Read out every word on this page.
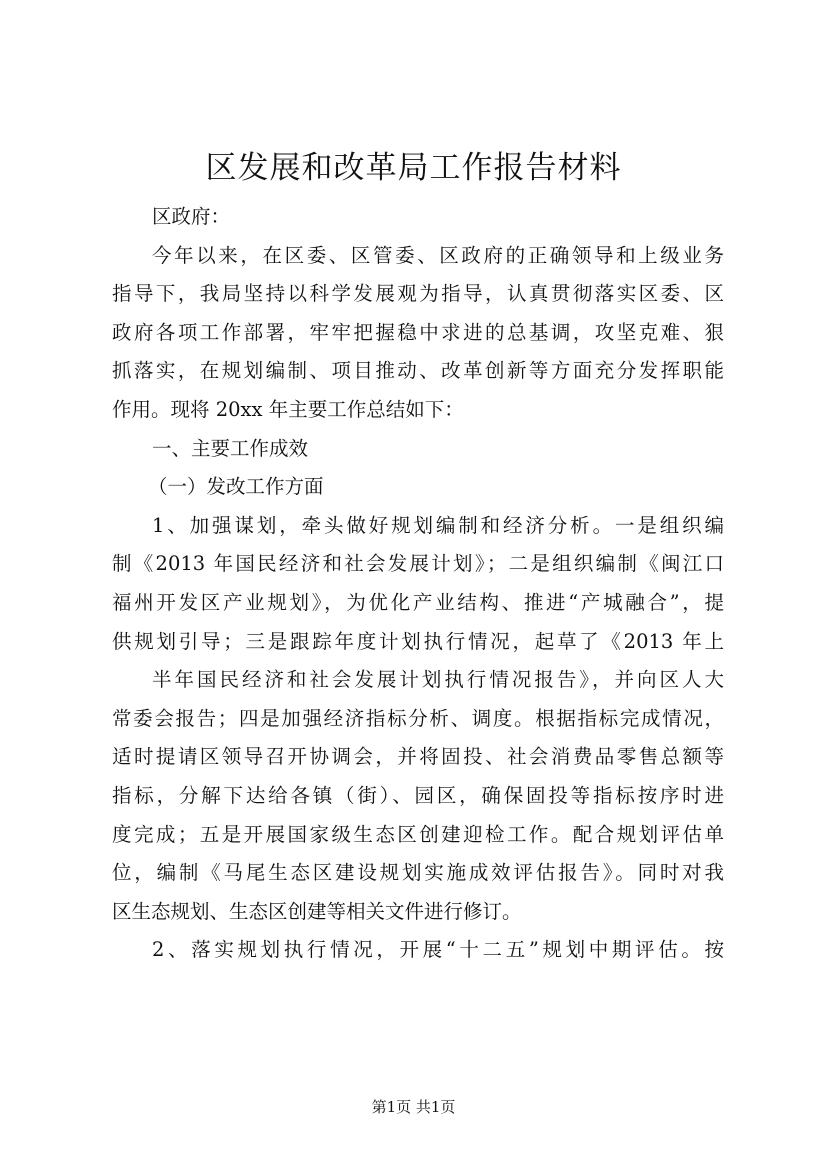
区发展和改革局工作报告材料
区政府：
今年以来，在区委、区管委、区政府的正确领导和上级业务
指导下，我局坚持以科学发展观为指导，认真贯彻落实区委、区
政府各项工作部署，牢牢把握稳中求进的总基调，攻坚克难、狠
抓落实，在规划编制、项目推动、改革创新等方面充分发挥职能
作用。现将 20xx 年主要工作总结如下：
一、主要工作成效
（一）发改工作方面
1、加强谋划，牵头做好规划编制和经济分析。一是组织编
制《2013 年国民经济和社会发展计划》；二是组织编制《闽江口
福州开发区产业规划》，为优化产业结构、推进“产城融合”，提
供规划引导；三是跟踪年度计划执行情况，起草了《2013 年上
半年国民经济和社会发展计划执行情况报告》，并向区人大
常委会报告；四是加强经济指标分析、调度。根据指标完成情况，
适时提请区领导召开协调会，并将固投、社会消费品零售总额等
指标，分解下达给各镇（街）、园区，确保固投等指标按序时进
度完成；五是开展国家级生态区创建迎检工作。配合规划评估单
位，编制《马尾生态区建设规划实施成效评估报告》。同时对我
区生态规划、生态区创建等相关文件进行修订。
2、落实规划执行情况，开展“十二五”规划中期评估。按
第1页 共1页
